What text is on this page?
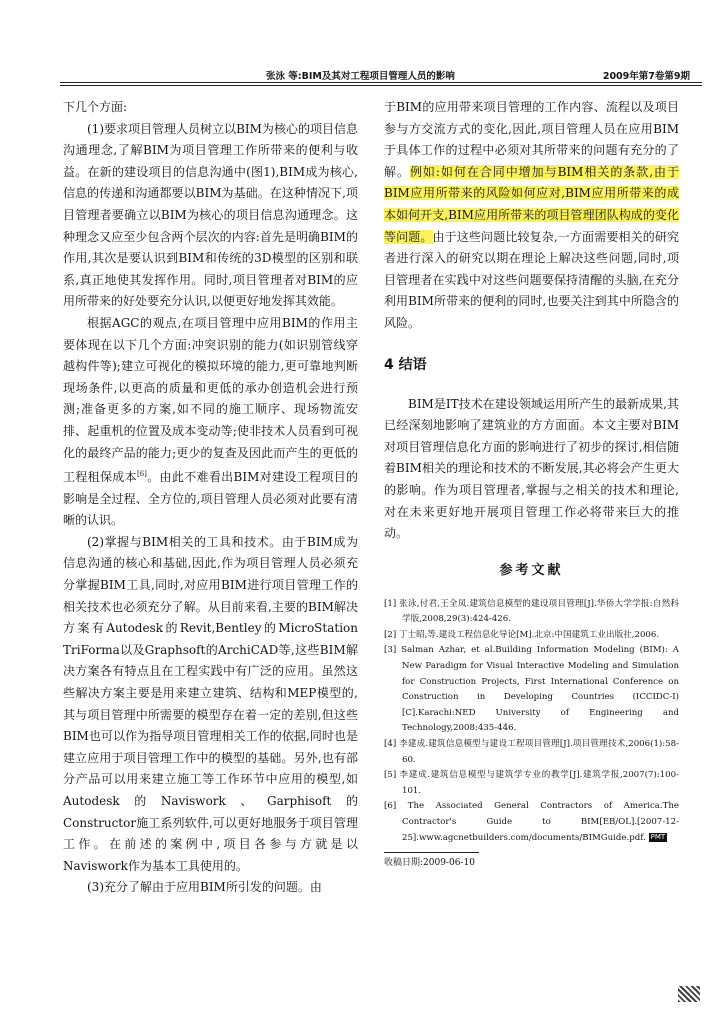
张泳 等:BIM及其对工程项目管理人员的影响	2009年第7卷第9期

下几个方面:

(1)要求项目管理人员树立以BIM为核心的项目信息沟通理念,了解BIM为项目管理工作所带来的便利与收益。在新的建设项目的信息沟通中(图1),BIM成为核心,信息的传递和沟通都要以BIM为基础。在这种情况下,项目管理者要确立以BIM为核心的项目信息沟通理念。这种理念又应至少包含两个层次的内容:首先是明确BIM的作用,其次是要认识到BIM和传统的3D模型的区别和联系,真正地使其发挥作用。同时,项目管理者对BIM的应用所带来的好处要充分认识,以便更好地发挥其效能。

根据AGC的观点,在项目管理中应用BIM的作用主要体现在以下几个方面:冲突识别的能力(如识别管线穿越构件等);建立可视化的模拟环境的能力,更可靠地判断现场条件,以更高的质量和更低的承办创造机会进行预测;准备更多的方案,如不同的施工顺序、现场物流安排、起重机的位置及成本变动等;使非技术人员看到可视化的最终产品的能力;更少的复查及因此而产生的更低的工程租保成本[6]。由此不难看出BIM对建设工程项目的影响是全过程、全方位的,项目管理人员必须对此要有清晰的认识。

(2)掌握与BIM相关的工具和技术。由于BIM成为信息沟通的核心和基础,因此,作为项目管理人员必须充分掌握BIM工具,同时,对应用BIM进行项目管理工作的相关技术也必须充分了解。从目前来看,主要的BIM解决方案有Autodesk的Revit,Bentley的MicroStation TriForma以及Graphsoft的ArchiCAD等,这些BIM解决方案各有特点且在工程实践中有广泛的应用。虽然这些解决方案主要是用来建立建筑、结构和MEP模型的,其与项目管理中所需要的模型存在着一定的差别,但这些BIM也可以作为指导项目管理相关工作的依据,同时也是建立应用于项目管理工作中的模型的基础。另外,也有部分产品可以用来建立施工等工作环节中应用的模型,如Autodesk的Naviswork、Garphisoft的Constructor施工系列软件,可以更好地服务于项目管理工作。在前述的案例中,项目各参与方就是以Naviswork作为基本工具使用的。

(3)充分了解由于应用BIM所引发的问题。由

于BIM的应用带来项目管理的工作内容、流程以及项目参与方交流方式的变化,因此,项目管理人员在应用BIM于具体工作的过程中必须对其所带来的问题有充分的了解。例如:如何在合同中增加与BIM相关的条款,由于BIM应用所带来的风险如何应对,BIM应用所带来的成本如何开支,BIM应用所带来的项目管理团队构成的变化等问题。由于这些问题比较复杂,一方面需要相关的研究者进行深入的研究以期在理论上解决这些问题,同时,项目管理者在实践中对这些问题要保持清醒的头脑,在充分利用BIM所带来的便利的同时,也要关注到其中所隐含的风险。

4 结语

BIM是IT技术在建设领域运用所产生的最新成果,其已经深刻地影响了建筑业的方方面面。本文主要对BIM对项目管理信息化方面的影响进行了初步的探讨,相信随着BIM相关的理论和技术的不断发展,其必将会产生更大的影响。作为项目管理者,掌握与之相关的技术和理论,对在未来更好地开展项目管理工作必将带来巨大的推动。

参考文献

[1] 张泳,付君,王全凤.建筑信息模型的建设项目管理[J].华侨大学学报:自然科学版,2008,29(3):424-426.

[2] 丁士昭,等.建设工程信息化导论[M].北京:中国建筑工业出版社,2006.

[3] Salman Azhar, et al.Building Information Modeling (BIM): A New Paradigm for Visual Interactive Modeling and Simulation for Construction Projects, First International Conference on Construction in Developing Countries (ICCIDC-I)[C].Karachi:NED University of Engineering and Technology,2008:435-446.

[4] 李建成.建筑信息模型与建设工程项目管理[J].项目管理技术,2006(1):58-60.

[5] 李建成.建筑信息模型与建筑学专业的教学[J].建筑学报,2007(7):100-101.

[6] The Associated General Contractors of America.The Contractor's Guide to BIM[EB/OL].[2007-12-25].www.agcnetbuilders.com/documents/BIMGuide.pdf. PMT

收稿日期:2009-06-10
